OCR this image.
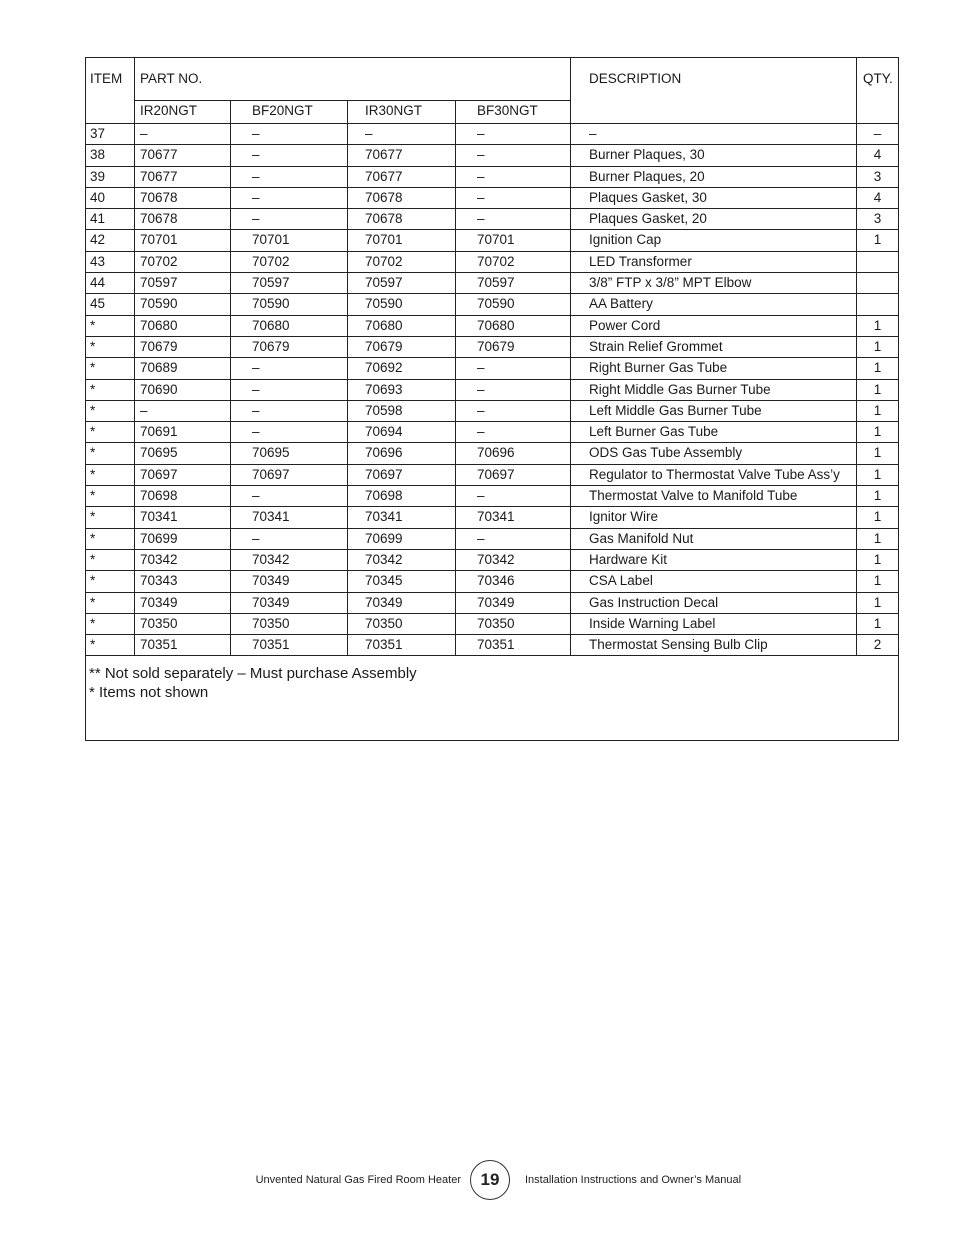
ITEM	PART NO.				DESCRIPTION	QTY.
	IR20NGT	BF20NGT	IR30NGT	BF30NGT		
37	–	–	–	–	–	–
38	70677	–	70677	–	Burner Plaques, 30	4
39	70677	–	70677	–	Burner Plaques, 20	3
40	70678	–	70678	–	Plaques Gasket, 30	4
41	70678	–	70678	–	Plaques Gasket, 20	3
42	70701	70701	70701	70701	Ignition Cap	1
43	70702	70702	70702	70702	LED Transformer	
44	70597	70597	70597	70597	3/8” FTP x 3/8” MPT Elbow	
45	70590	70590	70590	70590	AA Battery	
*	70680	70680	70680	70680	Power Cord	1
*	70679	70679	70679	70679	Strain Relief Grommet	1
*	70689	–	70692	–	Right Burner Gas Tube	1
*	70690	–	70693	–	Right Middle Gas Burner Tube	1
*	–	–	70598	–	Left Middle Gas Burner Tube	1
*	70691	–	70694	–	Left Burner Gas Tube	1
*	70695	70695	70696	70696	ODS Gas Tube Assembly	1
*	70697	70697	70697	70697	Regulator to Thermostat Valve Tube Ass’y	1
*	70698	–	70698	–	Thermostat Valve to Manifold Tube	1
*	70341	70341	70341	70341	Ignitor Wire	1
*	70699	–	70699	–	Gas Manifold Nut	1
*	70342	70342	70342	70342	Hardware Kit	1
*	70343	70349	70345	70346	CSA Label	1
*	70349	70349	70349	70349	Gas Instruction Decal	1
*	70350	70350	70350	70350	Inside Warning Label	1
*	70351	70351	70351	70351	Thermostat Sensing Bulb Clip	2

** Not sold separately – Must purchase Assembly
* Items not shown						
Unvented Natural Gas Fired Room Heater	19	Installation Instructions and Owner’s Manual
